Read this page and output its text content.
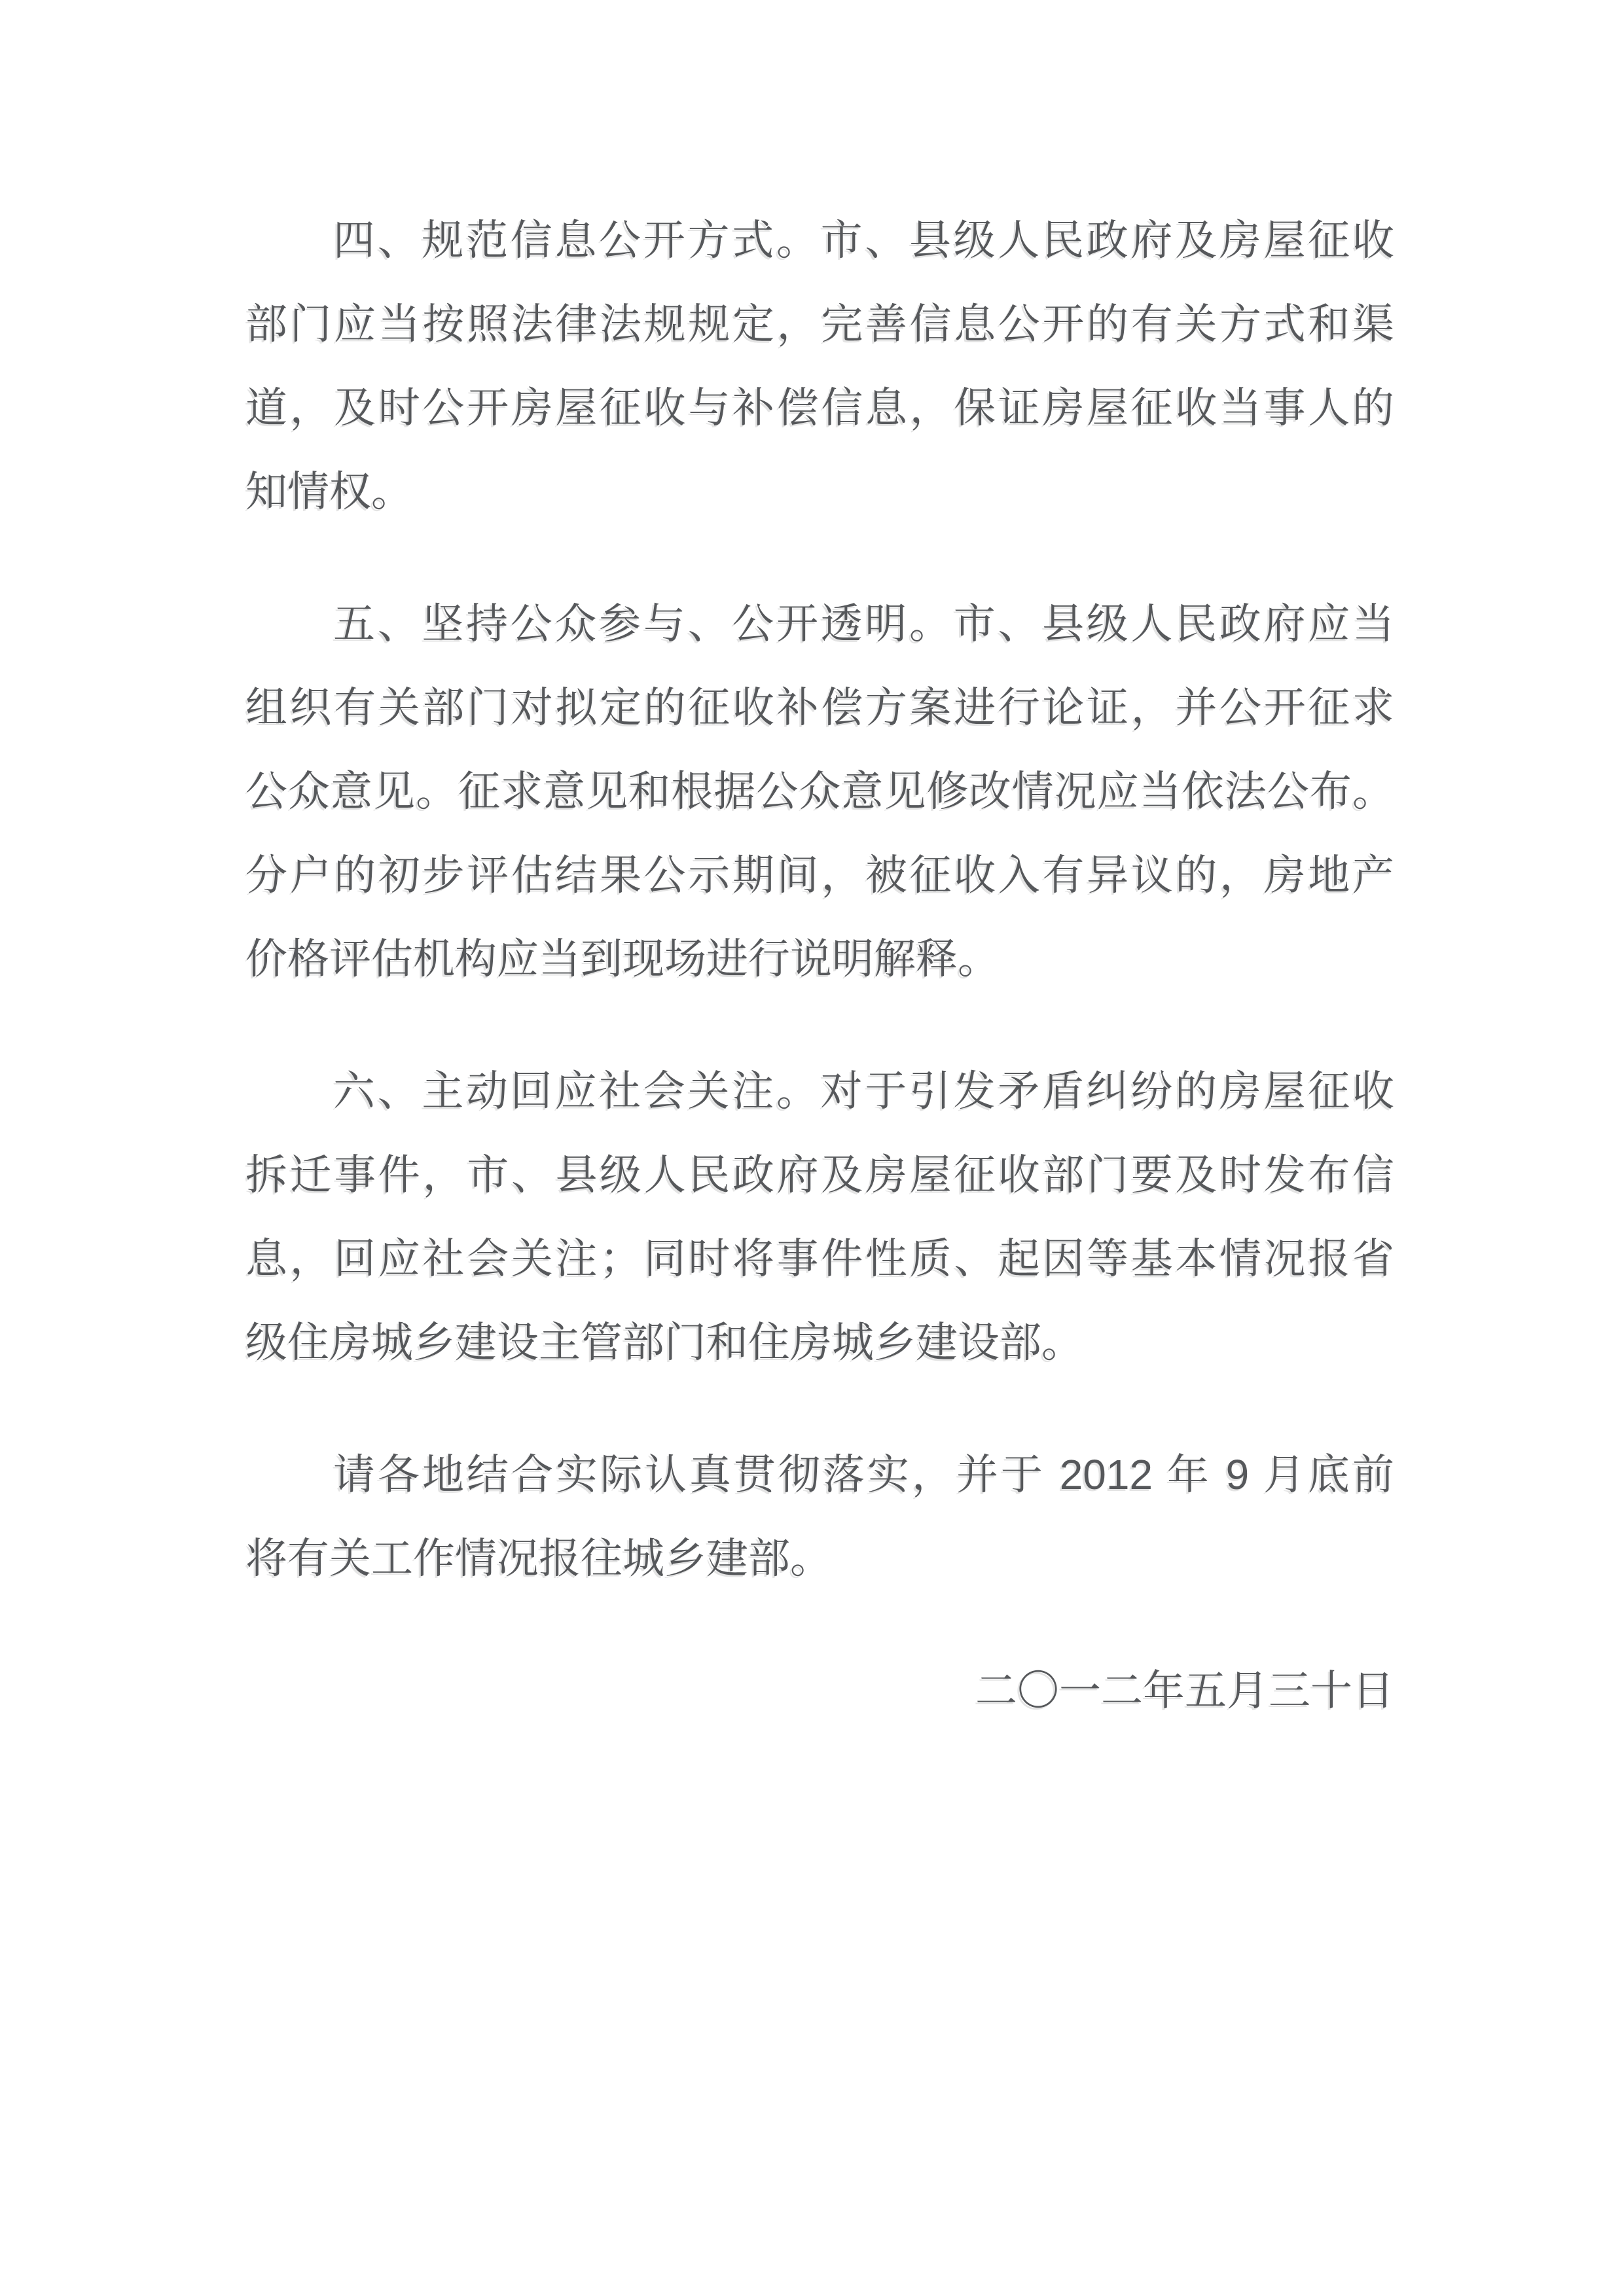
四、规范信息公开方式。市、县级人民政府及房屋征收
部门应当按照法律法规规定，完善信息公开的有关方式和渠
道，及时公开房屋征收与补偿信息，保证房屋征收当事人的
知情权。
五、坚持公众参与、公开透明。市、县级人民政府应当
组织有关部门对拟定的征收补偿方案进行论证，并公开征求
公众意见。征求意见和根据公众意见修改情况应当依法公布。
分户的初步评估结果公示期间，被征收入有异议的，房地产
价格评估机构应当到现场进行说明解释。
六、主动回应社会关注。对于引发矛盾纠纷的房屋征收
拆迁事件，市、县级人民政府及房屋征收部门要及时发布信
息，回应社会关注；同时将事件性质、起因等基本情况报省
级住房城乡建设主管部门和住房城乡建设部。
请各地结合实际认真贯彻落实，并于 2012 年 9 月底前
将有关工作情况报往城乡建部。
二〇一二年五月三十日
